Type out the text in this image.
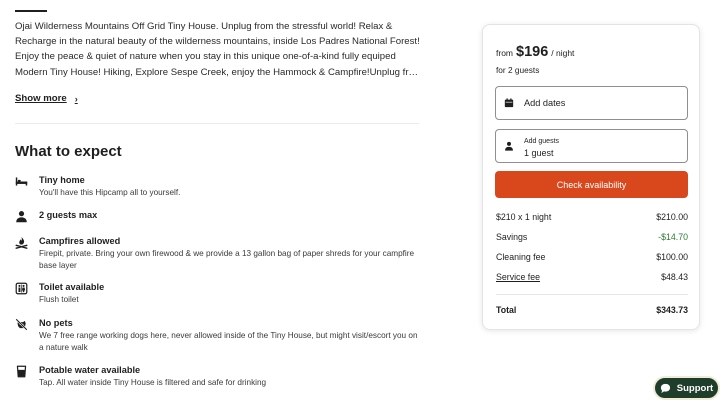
Ojai Wilderness Mountains Off Grid Tiny House. Unplug from the stressful world! Relax & Recharge in the natural beauty of the wilderness mountains, inside Los Padres National Forest! Enjoy the peace & quiet of nature when you stay in this unique one-of-a-kind fully equiped Modern Tiny House! Hiking, Explore Sespe Creek, enjoy the Hammock & Campfire!Unplug from

Show more ›
What to expect
Tiny home
You'll have this Hipcamp all to yourself.
2 guests max
Campfires allowed
Firepit, private. Bring your own firewood & we provide a 13 gallon bag of paper shreds for your campfire base layer
Toilet available
Flush toilet
No pets
We 7 free range working dogs here, never allowed inside of the Tiny House, but might visit/escort you on a nature walk
Potable water available
Tap. All water inside Tiny House is filtered and safe for drinking
from $196 / night
for 2 guests
Add dates
Add guests
1 guest
Check availability
$210 x 1 night	$210.00
Savings	-$14.70
Cleaning fee	$100.00
Service fee	$48.43
Total	$343.73
Support
